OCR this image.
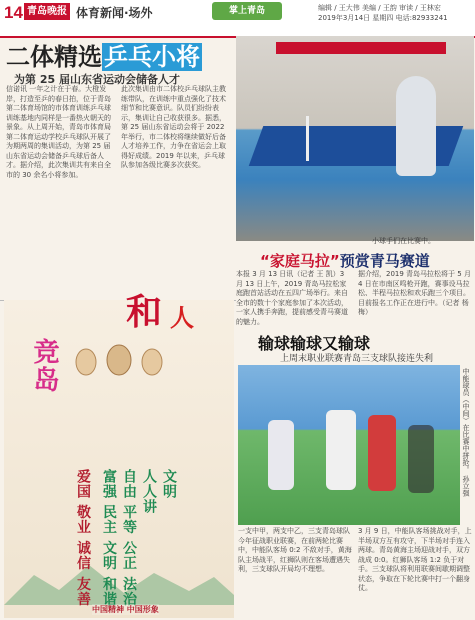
14 青岛晚报 体育新闻·场外	掌上青岛	编辑 / 王大伟 美编 / 王韵 审读 / 王林宏
2019年3月14日 星期四 电话:82933241
二体精选乒乓小将
为第 25 届山东省运动会储备人才
小球手们在比赛中。
信诺讯 一年之计在于春。大橙发岸，打造至乒的春日拍，位于青岛第二体育场馆的市体育训练乒乓球训练基地内同样是一番热火朝天的景象。从上周开始，青岛市体育局第二体育运动学校乒乓球队开展了为期两周的集训活动，为第 25 届山东省运动会储备乒乓球后备人才。据介绍，此次集训共有来自全市的 30 余名小将参加。
此次集训由市二体校乒乓球队主教练带队，在训练中重点强化了技术细节和比赛意识。队员们纷纷表示，集训让自己收获很多。据悉，第 25 届山东省运动会将于 2022 年举行，市二体校将继续做好后备人才培养工作，力争在省运会上取得好成绩。2019 年以来，乒乓球队参加各级比赛多次获奖。
“家庭马拉”预赏青马赛道
本报 3 月 13 日讯（记者 王 凯）3 月 13 日上午，2019 青岛马拉松家庭跑首站活动在五四广场举行。来自全市的数十个家庭参加了本次活动，一家人携手奔跑，提前感受青马赛道的魅力。
据介绍，2019 青岛马拉松将于 5 月 4 日在市南区鸣枪开跑，赛事设马拉松、半程马拉松和欢乐跑三个项目。目前报名工作正在进行中。（记者 杨梅）
输球输球又输球
上周末职业联赛青岛三支球队接连失利
中能球员（中间）在比赛中拼抢。 孙立强
一支中甲，两支中乙，三支青岛球队今年征战职业联赛，在前两轮比赛中，中能队客场 0:2 不敌对手，黄海队主场战平，红狮队则在客场遭遇失利，三支球队开局均不理想。
3 月 9 日，中能队客场挑战对手，上半场双方互有攻守，下半场对手连入两球。青岛黄海主场迎战对手，双方战成 0:0。红狮队客场 1:2 负于对手。三支球队将利用联赛间歇期调整状态，争取在下轮比赛中打一个翻身仗。
和 人
竞岛
爱国 敬业 诚信 友善 富强 民主 文明 和谐 自由 平等 公正 法治 人人讲 文明
中国精神 中国形象
